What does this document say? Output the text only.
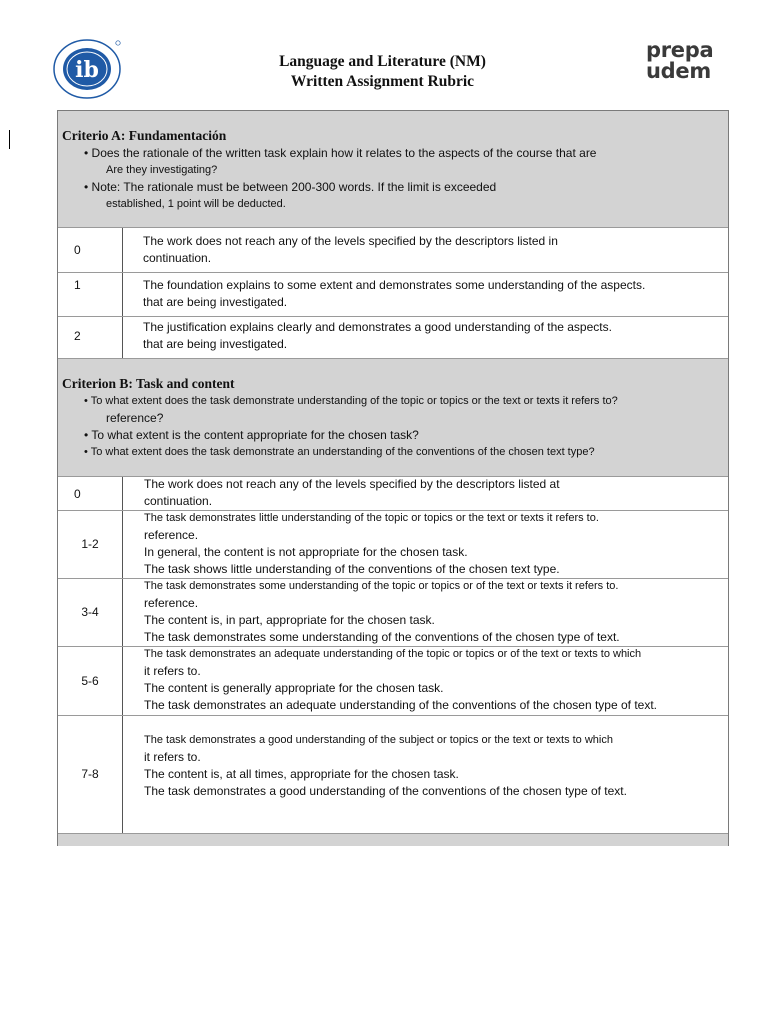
ib
prepa
udem
Language and Literature (NM)
Written Assignment Rubric
Criterio A: Fundamentación
• Does the rationale of the written task explain how it relates to the aspects of the course that are
Are they investigating?
• Note: The rationale must be between 200-300 words. If the limit is exceeded
established, 1 point will be deducted.
0
The work does not reach any of the levels specified by the descriptors listed in
continuation.
1	The foundation explains to some extent and demonstrates some understanding of the aspects.
that are being investigated.
2
The justification explains clearly and demonstrates a good understanding of the aspects.
that are being investigated.
Criterion B: Task and content
• To what extent does the task demonstrate understanding of the topic or topics or the text or texts it refers to?
reference?
• To what extent is the content appropriate for the chosen task?
• To what extent does the task demonstrate an understanding of the conventions of the chosen text type?
0
The work does not reach any of the levels specified by the descriptors listed at
continuation.
1-2
The task demonstrates little understanding of the topic or topics or the text or texts it refers to.
reference.
In general, the content is not appropriate for the chosen task.
The task shows little understanding of the conventions of the chosen text type.
3-4
The task demonstrates some understanding of the topic or topics or of the text or texts it refers to.
reference.
The content is, in part, appropriate for the chosen task.
The task demonstrates some understanding of the conventions of the chosen type of text.
5-6
The task demonstrates an adequate understanding of the topic or topics or of the text or texts to which
it refers to.
The content is generally appropriate for the chosen task.
The task demonstrates an adequate understanding of the conventions of the chosen type of text.
7-8
The task demonstrates a good understanding of the subject or topics or the text or texts to which
it refers to.
The content is, at all times, appropriate for the chosen task.
The task demonstrates a good understanding of the conventions of the chosen type of text.
